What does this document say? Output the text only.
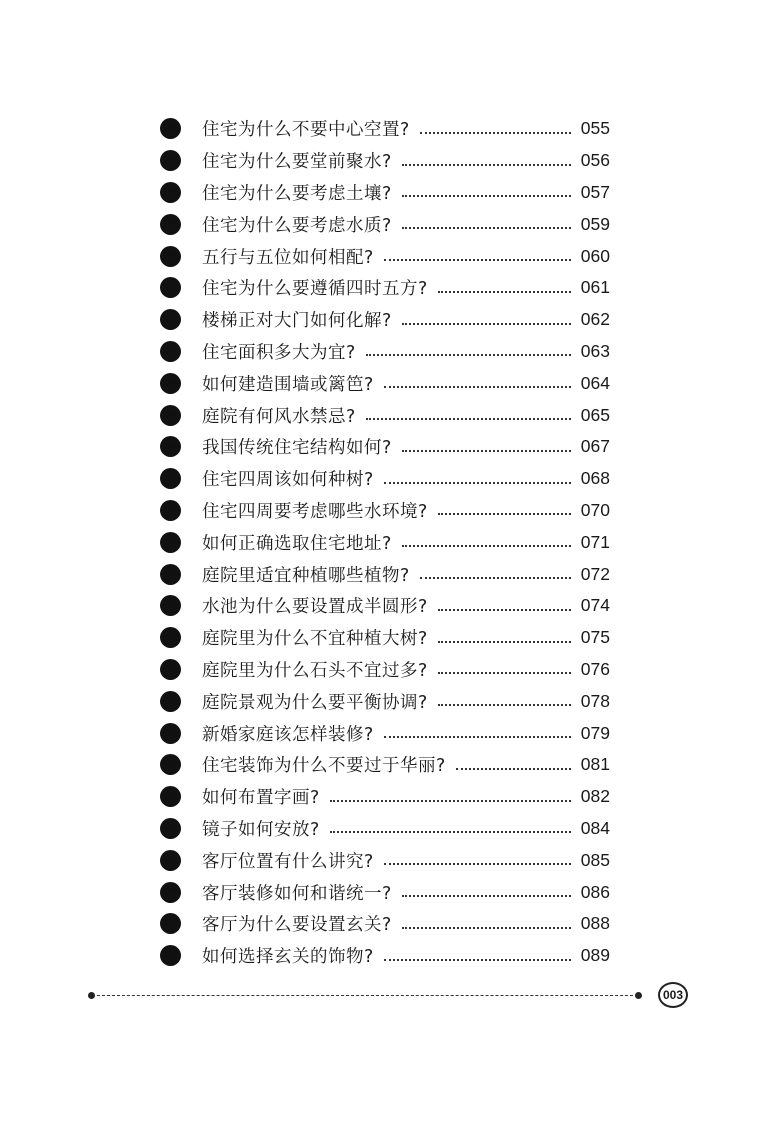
46 住宅为什么不要中心空置?	055
47 住宅为什么要堂前聚水?	056
48 住宅为什么要考虑土壤?	057
49 住宅为什么要考虑水质?	059
50 五行与五位如何相配?	060
51 住宅为什么要遵循四时五方?	061
52 楼梯正对大门如何化解?	062
53 住宅面积多大为宜?	063
54 如何建造围墙或篱笆?	064
55 庭院有何风水禁忌?	065
56 我国传统住宅结构如何?	067
57 住宅四周该如何种树?	068
58 住宅四周要考虑哪些水环境?	070
59 如何正确选取住宅地址?	071
60 庭院里适宜种植哪些植物?	072
61 水池为什么要设置成半圆形?	074
62 庭院里为什么不宜种植大树?	075
63 庭院里为什么石头不宜过多?	076
64 庭院景观为什么要平衡协调?	078
65 新婚家庭该怎样装修?	079
66 住宅装饰为什么不要过于华丽?	081
67 如何布置字画?	082
68 镜子如何安放?	084
69 客厅位置有什么讲究?	085
70 客厅装修如何和谐统一?	086
71 客厅为什么要设置玄关?	088
72 如何选择玄关的饰物?	089
003
